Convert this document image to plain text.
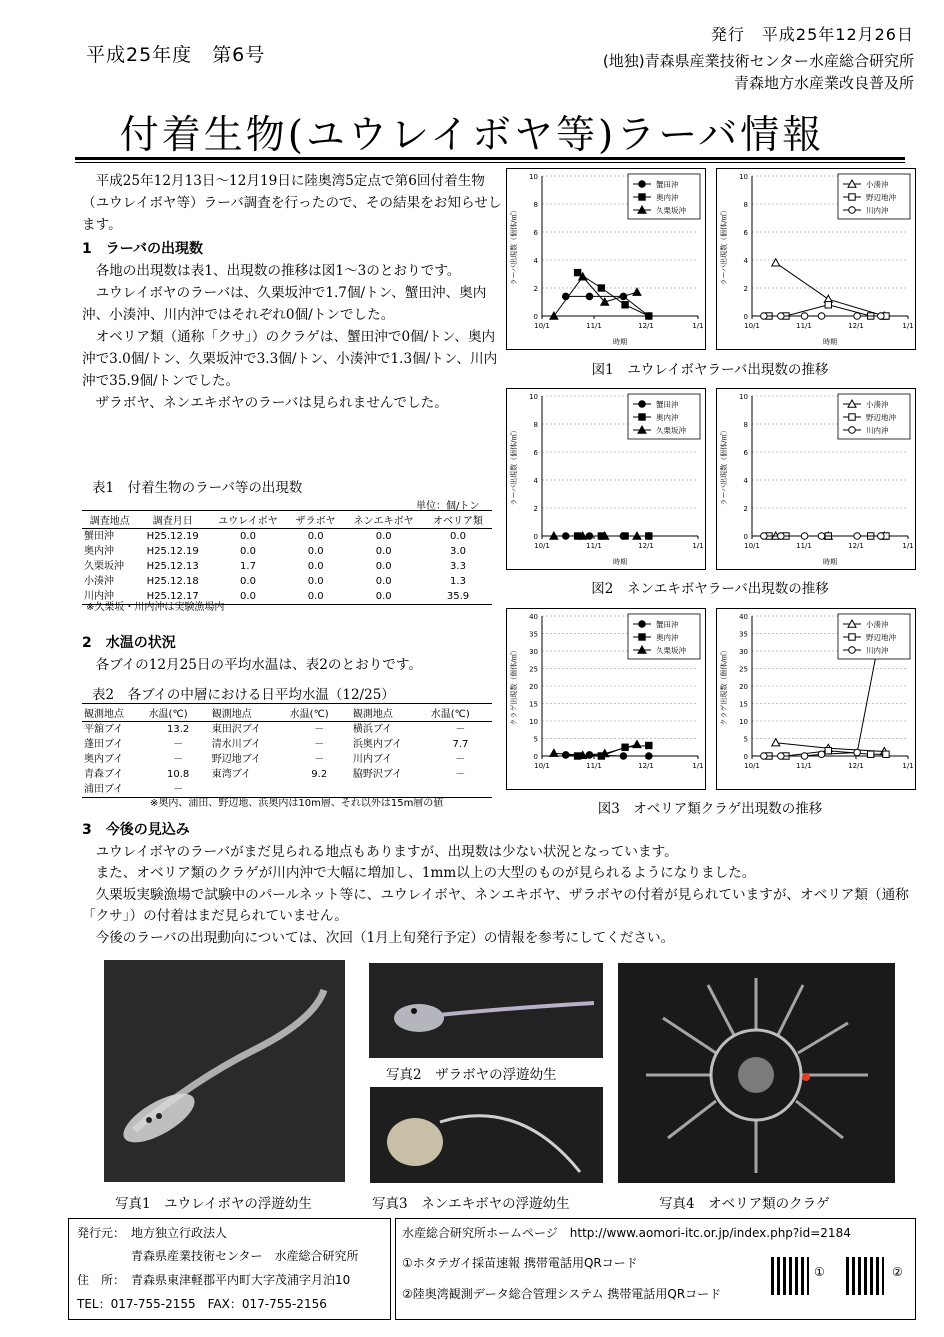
平成25年度　第6号
発行　平成25年12月26日
(地独)青森県産業技術センター水産総合研究所
青森地方水産業改良普及所
付着生物(ユウレイボヤ等)ラーバ情報

平成25年12月13日～12月19日に陸奥湾5定点で第6回付着生物（ユウレイボヤ等）ラーバ調査を行ったので、その結果をお知らせします。

1　ラーバの出現数

各地の出現数は表1、出現数の推移は図1～3のとおりです。

ユウレイボヤのラーバは、久栗坂沖で1.7個/トン、蟹田沖、奥内沖、小湊沖、川内沖ではそれぞれ0個/トンでした。

オベリア類（通称「クサ」）のクラゲは、蟹田沖で0個/トン、奥内沖で3.0個/トン、久栗坂沖で3.3個/トン、小湊沖で1.3個/トン、川内沖で35.9個/トンでした。

ザラボヤ、ネンエキボヤのラーバは見られませんでした。

表1　付着生物のラーバ等の出現数
単位：個/トン
調査地点	調査月日	ユウレイボヤ	ザラボヤ	ネンエキボヤ	オベリア類
蟹田沖	H25.12.19	0.0	0.0	0.0	0.0
奥内沖	H25.12.19	0.0	0.0	0.0	3.0
久栗坂沖	H25.12.13	1.7	0.0	0.0	3.3
小湊沖	H25.12.18	0.0	0.0	0.0	1.3
川内沖	H25.12.17	0.0	0.0	0.0	35.9
※久栗坂・川内沖は実験漁場内

2　水温の状況

各ブイの12月25日の平均水温は、表2のとおりです。

表2　各ブイの中層における日平均水温（12/25）
観測地点	水温(℃)	観測地点	水温(℃)	観測地点	水温(℃)
平舘ブイ	13.2	東田沢ブイ	－	横浜ブイ	－
蓬田ブイ	－	清水川ブイ	－	浜奥内ブイ	7.7
奥内ブイ	－	野辺地ブイ	－	川内ブイ	－
青森ブイ	10.8	東湾ブイ	9.2	脇野沢ブイ	－
浦田ブイ	－				
※奥内、浦田、野辺地、浜奥内は10m層、それ以外は15m層の値
0
2
4
6
8
10
10/1	11/1	12/1	1/1
時期
ラーバ出現数（個体/㎥）
蟹田沖
奥内沖
久栗坂沖
0
2
4
6
8
10
10/1	11/1	12/1	1/1
時期
ラーバ出現数（個体/㎥）
小湊沖
野辺地沖
川内沖
0
2
4
6
8
10
10/1	11/1	12/1	1/1
時期
ラーバ出現数（個体/㎥）
蟹田沖
奥内沖
久栗坂沖
0
2
4
6
8
10
10/1	11/1	12/1	1/1
時期
ラーバ出現数（個体/㎥）
小湊沖
野辺地沖
川内沖
0
5
10
15
20
25
30
35
40
10/1	11/1	12/1	1/1
クラゲ出現数（個体/㎥）
蟹田沖
奥内沖
久栗坂沖
0
5
10
15
20
25
30
35
40
10/1	11/1	12/1	1/1
クラゲ出現数（個体/㎥）
小湊沖
野辺地沖
川内沖
図1　ユウレイボヤラーバ出現数の推移
図2　ネンエキボヤラーバ出現数の推移
図3　オベリア類クラゲ出現数の推移

3　今後の見込み

ユウレイボヤのラーバがまだ見られる地点もありますが、出現数は少ない状況となっています。

また、オベリア類のクラゲが川内沖で大幅に増加し、1mm以上の大型のものが見られるようになりました。

久栗坂実験漁場で試験中のパールネット等に、ユウレイボヤ、ネンエキボヤ、ザラボヤの付着が見られていますが、オベリア類（通称「クサ」）の付着はまだ見られていません。

今後のラーバの出現動向については、次回（1月上旬発行予定）の情報を参考にしてください。

写真1　ユウレイボヤの浮遊幼生
写真2　ザラボヤの浮遊幼生
写真3　ネンエキボヤの浮遊幼生	写真4　オベリア類のクラゲ
発行元： 地方独立行政法人
青森県産業技術センター　水産総合研究所
住　所： 青森県東津軽郡平内町大字茂浦字月泊10
TEL：017-755-2155　FAX：017-755-2156
水産総合研究所ホームページ　http://www.aomori-itc.or.jp/index.php?id=2184
①ホタテガイ採苗速報 携帯電話用QRコード
②陸奥湾観測データ総合管理システム 携帯電話用QRコード
①	②
